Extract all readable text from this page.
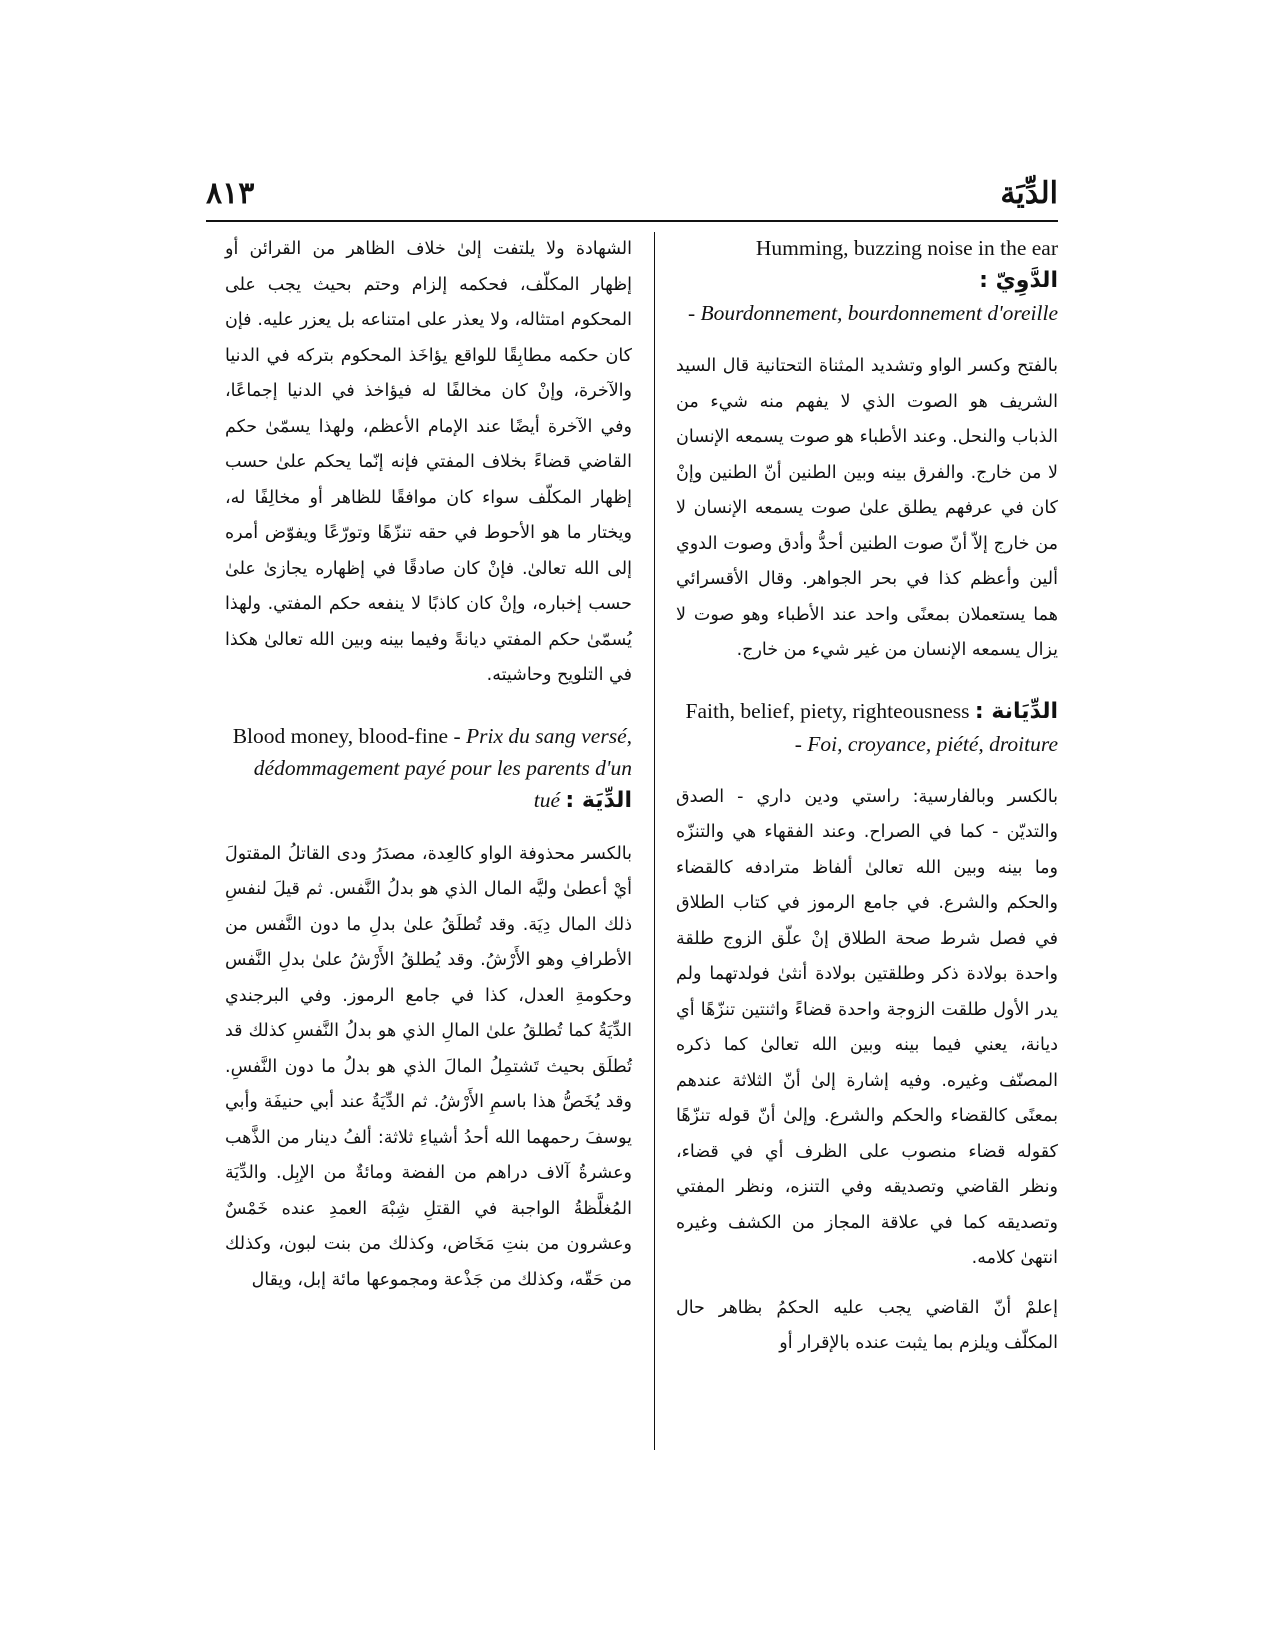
٨١٣	الدِّيَة
Humming, buzzing noise in the ear : الدَّوِيّ
- Bourdonnement, bourdonnement d'oreille
بالفتح وكسر الواو وتشديد المثناة التحتانية قال السيد الشريف هو الصوت الذي لا يفهم منه شيء من الذباب والنحل. وعند الأطباء هو صوت يسمعه الإنسان لا من خارج. والفرق بينه وبين الطنين أنّ الطنين وإنْ كان في عرفهم يطلق علىٰ صوت يسمعه الإنسان لا من خارج إلاّ أنّ صوت الطنين أحدُّ وأدق وصوت الدوي ألين وأعظم كذا في بحر الجواهر. وقال الأقسرائي هما يستعملان بمعنًى واحد عند الأطباء وهو صوت لا يزال يسمعه الإنسان من غير شيء من خارج.
Faith, belief, piety, righteousness : الدِّيَانة
- Foi, croyance, piété, droiture
بالكسر وبالفارسية: راستي ودين داري - الصدق والتديّن - كما في الصراح. وعند الفقهاء هي والتنزّه وما بينه وبين الله تعالىٰ ألفاظ مترادفه كالقضاء والحكم والشرع. في جامع الرموز في كتاب الطلاق في فصل شرط صحة الطلاق إنْ علّق الزوج طلقة واحدة بولادة ذكر وطلقتين بولادة أنثىٰ فولدتهما ولم يدر الأول طلقت الزوجة واحدة قضاءً واثنتين تنزّهًا أي ديانة، يعني فيما بينه وبين الله تعالىٰ كما ذكره المصنّف وغيره. وفيه إشارة إلىٰ أنّ الثلاثة عندهم بمعنًى كالقضاء والحكم والشرع. وإلىٰ أنّ قوله تنزّهًا كقوله قضاء منصوب على الظرف أي في قضاء، ونظر القاضي وتصديقه وفي التنزه، ونظر المفتي وتصديقه كما في علاقة المجاز من الكشف وغيره انتهىٰ كلامه.
إعلمْ أنّ القاضي يجب عليه الحكمُ بظاهر حال المكلّف ويلزم بما يثبت عنده بالإقرار أو
الشهادة ولا يلتفت إلىٰ خلاف الظاهر من القرائن أو إظهار المكلّف، فحكمه إلزام وحتم بحيث يجب على المحكوم امتثاله، ولا يعذر على امتناعه بل يعزر عليه. فإن كان حكمه مطابِقًا للواقع يؤاخَذ المحكوم بتركه في الدنيا والآخرة، وإنْ كان مخالفًا له فيؤاخذ في الدنيا إجماعًا، وفي الآخرة أيضًا عند الإمام الأعظم، ولهذا يسمّىٰ حكم القاضي قضاءً بخلاف المفتي فإنه إنّما يحكم علىٰ حسب إظهار المكلّف سواء كان موافقًا للظاهر أو مخالِفًا له، ويختار ما هو الأحوط في حقه تنزّهًا وتورّعًا ويفوّض أمره إلى الله تعالىٰ. فإنْ كان صادقًا في إظهاره يجازىٰ علىٰ حسب إخباره، وإنْ كان كاذبًا لا ينفعه حكم المفتي. ولهذا يُسمّىٰ حكم المفتي ديانةً وفيما بينه وبين الله تعالىٰ هكذا في التلويح وحاشيته.
Blood money, blood-fine - Prix du sang versé, dédommagement payé pour les parents d'un tué : الدِّيَة
بالكسر محذوفة الواو كالعِدة، مصدَرُ ودى القاتلُ المقتولَ أيْ أعطىٰ وليَّه المال الذي هو بدلُ النَّفس. ثم قيلَ لنفسِ ذلك المال دِيَة. وقد تُطلَقُ علىٰ بدلِ ما دون النَّفس من الأطرافِ وهو الأَرْشُ. وقد يُطلقُ الأَرْشُ علىٰ بدلِ النَّفس وحكومةِ العدل، كذا في جامع الرموز. وفي البرجندي الدِّيَةُ كما تُطلقُ علىٰ المالِ الذي هو بدلُ النَّفسِ كذلك قد تُطلَق بحيث تَشتمِلُ المالَ الذي هو بدلُ ما دون النَّفسِ. وقد يُخَصُّ هذا باسمِ الأَرْشُ. ثم الدِّيَةُ عند أبي حنيفَة وأبي يوسفَ رحمهما الله أحدُ أشياءِ ثلاثة: ألفُ دينار من الذَّهب وعشرةُ آلاف دراهم من الفضة ومائةٌ من الإبِل. والدِّيَة المُغلَّظةُ الواجبة في القتلِ شِبْهَ العمدِ عنده خَمْسٌ وعشرون من بنتِ مَخَاض، وكذلك من بنت لبون، وكذلك من حَقّه، وكذلك من جَذْعة ومجموعها مائة إبل، ويقال
